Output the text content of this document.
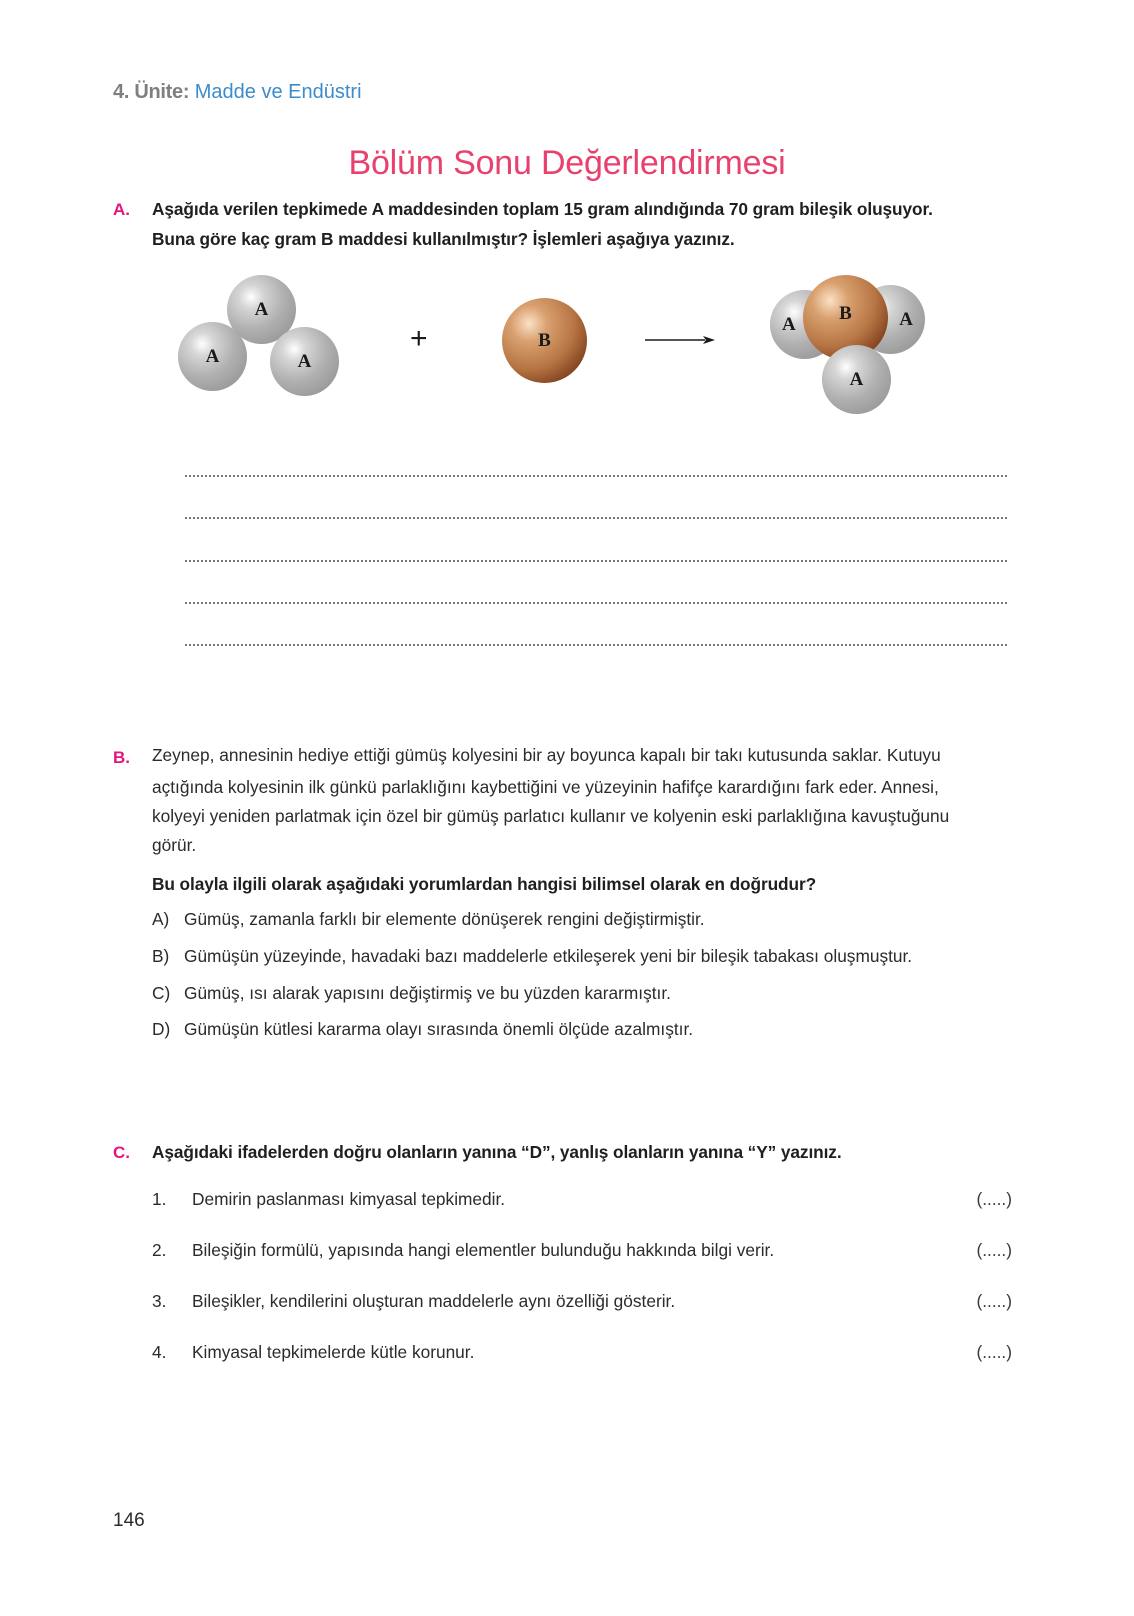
4. Ünite: Madde ve Endüstri
Bölüm Sonu Değerlendirmesi
A. Aşağıda verilen tepkimede A maddesinden toplam 15 gram alındığında 70 gram bileşik oluşuyor.
Buna göre kaç gram B maddesi kullanılmıştır? İşlemleri aşağıya yazınız.
A
A	A
+	B
A	A
B
A
B. Zeynep, annesinin hediye ettiği gümüş kolyesini bir ay boyunca kapalı bir takı kutusunda saklar. Kutuyu
açtığında kolyesinin ilk günkü parlaklığını kaybettiğini ve yüzeyinin hafifçe karardığını fark eder. Annesi,
kolyeyi yeniden parlatmak için özel bir gümüş parlatıcı kullanır ve kolyenin eski parlaklığına kavuştuğunu
görür.
Bu olayla ilgili olarak aşağıdaki yorumlardan hangisi bilimsel olarak en doğrudur?
A) Gümüş, zamanla farklı bir elemente dönüşerek rengini değiştirmiştir.
B) Gümüşün yüzeyinde, havadaki bazı maddelerle etkileşerek yeni bir bileşik tabakası oluşmuştur.
C) Gümüş, ısı alarak yapısını değiştirmiş ve bu yüzden kararmıştır.
D) Gümüşün kütlesi kararma olayı sırasında önemli ölçüde azalmıştır.
C. Aşağıdaki ifadelerden doğru olanların yanına “D”, yanlış olanların yanına “Y” yazınız.
1. Demirin paslanması kimyasal tepkimedir.	(.....)
2. Bileşiğin formülü, yapısında hangi elementler bulunduğu hakkında bilgi verir.	(.....)
3. Bileşikler, kendilerini oluşturan maddelerle aynı özelliği gösterir.	(.....)
4. Kimyasal tepkimelerde kütle korunur.	(.....)
146
